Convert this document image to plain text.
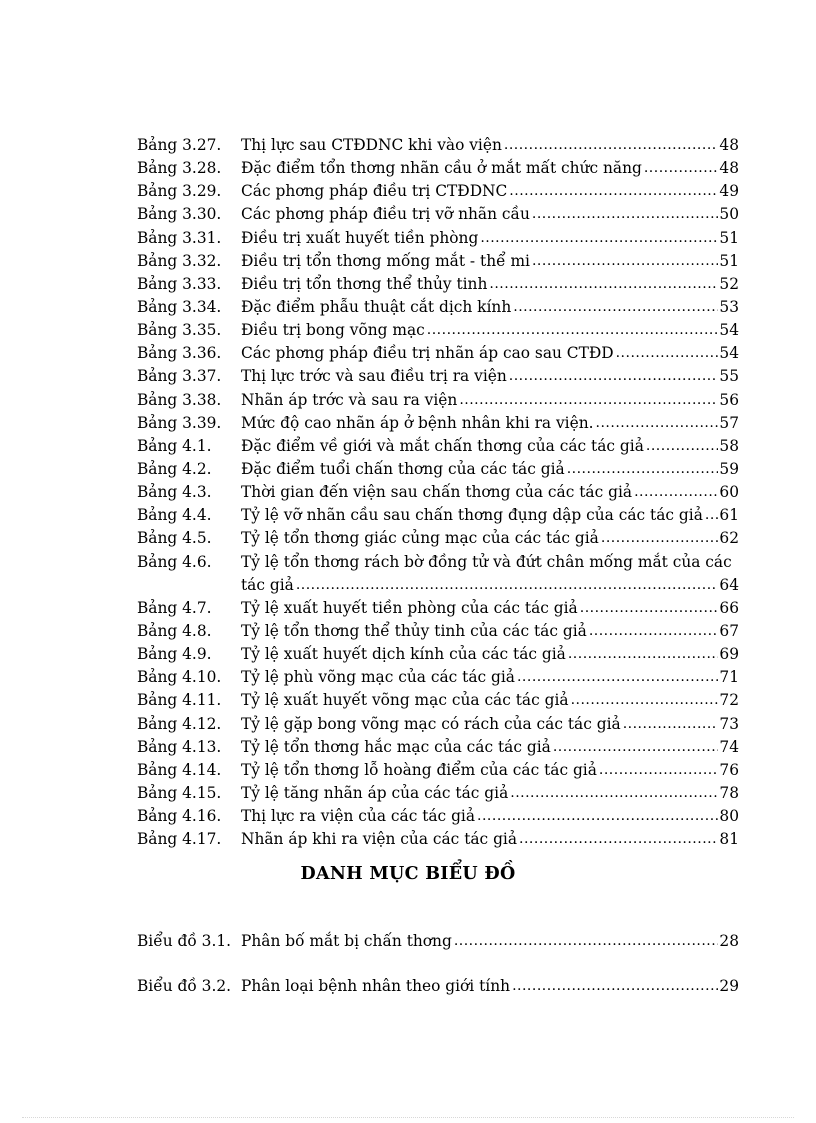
Bảng 3.27.	Thị lực sau CTĐDNC khi vào viện .....	48
Bảng 3.28.	Đặc điểm tổn thơng nhãn cầu ở mắt mất chức năng .....	48
Bảng 3.29.	Các phơng pháp điều trị CTĐDNC .....	49
Bảng 3.30.	Các phơng pháp điều trị vỡ nhãn cầu .....	50
Bảng 3.31.	Điều trị xuất huyết tiền phòng .....	51
Bảng 3.32.	Điều trị tổn thơng mống mắt - thể mi .....	51
Bảng 3.33.	Điều trị tổn thơng thể thủy tinh .....	52
Bảng 3.34.	Đặc điểm phẫu thuật cắt dịch kính .....	53
Bảng 3.35.	Điều trị bong võng mạc .....	54
Bảng 3.36.	Các phơng pháp điều trị nhãn áp cao sau CTĐD .....	54
Bảng 3.37.	Thị lực trớc và sau điều trị ra viện .....	55
Bảng 3.38.	Nhãn áp trớc và sau ra viện .....	56
Bảng 3.39.	Mức độ cao nhãn áp ở bệnh nhân khi ra viện. .....	57
Bảng 4.1.	Đặc điểm về giới và mắt chấn thơng của các tác giả .....	58
Bảng 4.2.	Đặc điểm tuổi chấn thơng của các tác giả .....	59
Bảng 4.3.	Thời gian đến viện sau chấn thơng của các tác giả .....	60
Bảng 4.4.	Tỷ lệ vỡ nhãn cầu sau chấn thơng đụng dập của các tác giả ..... 61
Bảng 4.5.	Tỷ lệ tổn thơng giác củng mạc của các tác giả .....	62
Bảng 4.6.	Tỷ lệ tổn thơng rách bờ đồng tử và đứt chân mống mắt của các
tác giả .....	64
Bảng 4.7.	Tỷ lệ xuất huyết tiền phòng của các tác giả .....	66
Bảng 4.8.	Tỷ lệ tổn thơng thể thủy tinh của các tác giả .....	67
Bảng 4.9.	Tỷ lệ xuất huyết dịch kính của các tác giả .....	69
Bảng 4.10.	Tỷ lệ phù võng mạc của các tác giả .....	71
Bảng 4.11.	Tỷ lệ xuất huyết võng mạc của các tác giả .....	72
Bảng 4.12.	Tỷ lệ gặp bong võng mạc có rách của các tác giả .....	73
Bảng 4.13.	Tỷ lệ tổn thơng hắc mạc của các tác giả .....	74
Bảng 4.14.	Tỷ lệ tổn thơng lỗ hoàng điểm của các tác giả .....	76
Bảng 4.15.	Tỷ lệ tăng nhãn áp của các tác giả .....	78
Bảng 4.16.	Thị lực ra viện của các tác giả .....	80
Bảng 4.17.	Nhãn áp khi ra viện của các tác giả .....	81
DANH MỤC BIỂU ĐỒ
Biểu đồ 3.1. Phân bố mắt bị chấn thơng .....	28
Biểu đồ 3.2. Phân loại bệnh nhân theo giới tính .....	29
